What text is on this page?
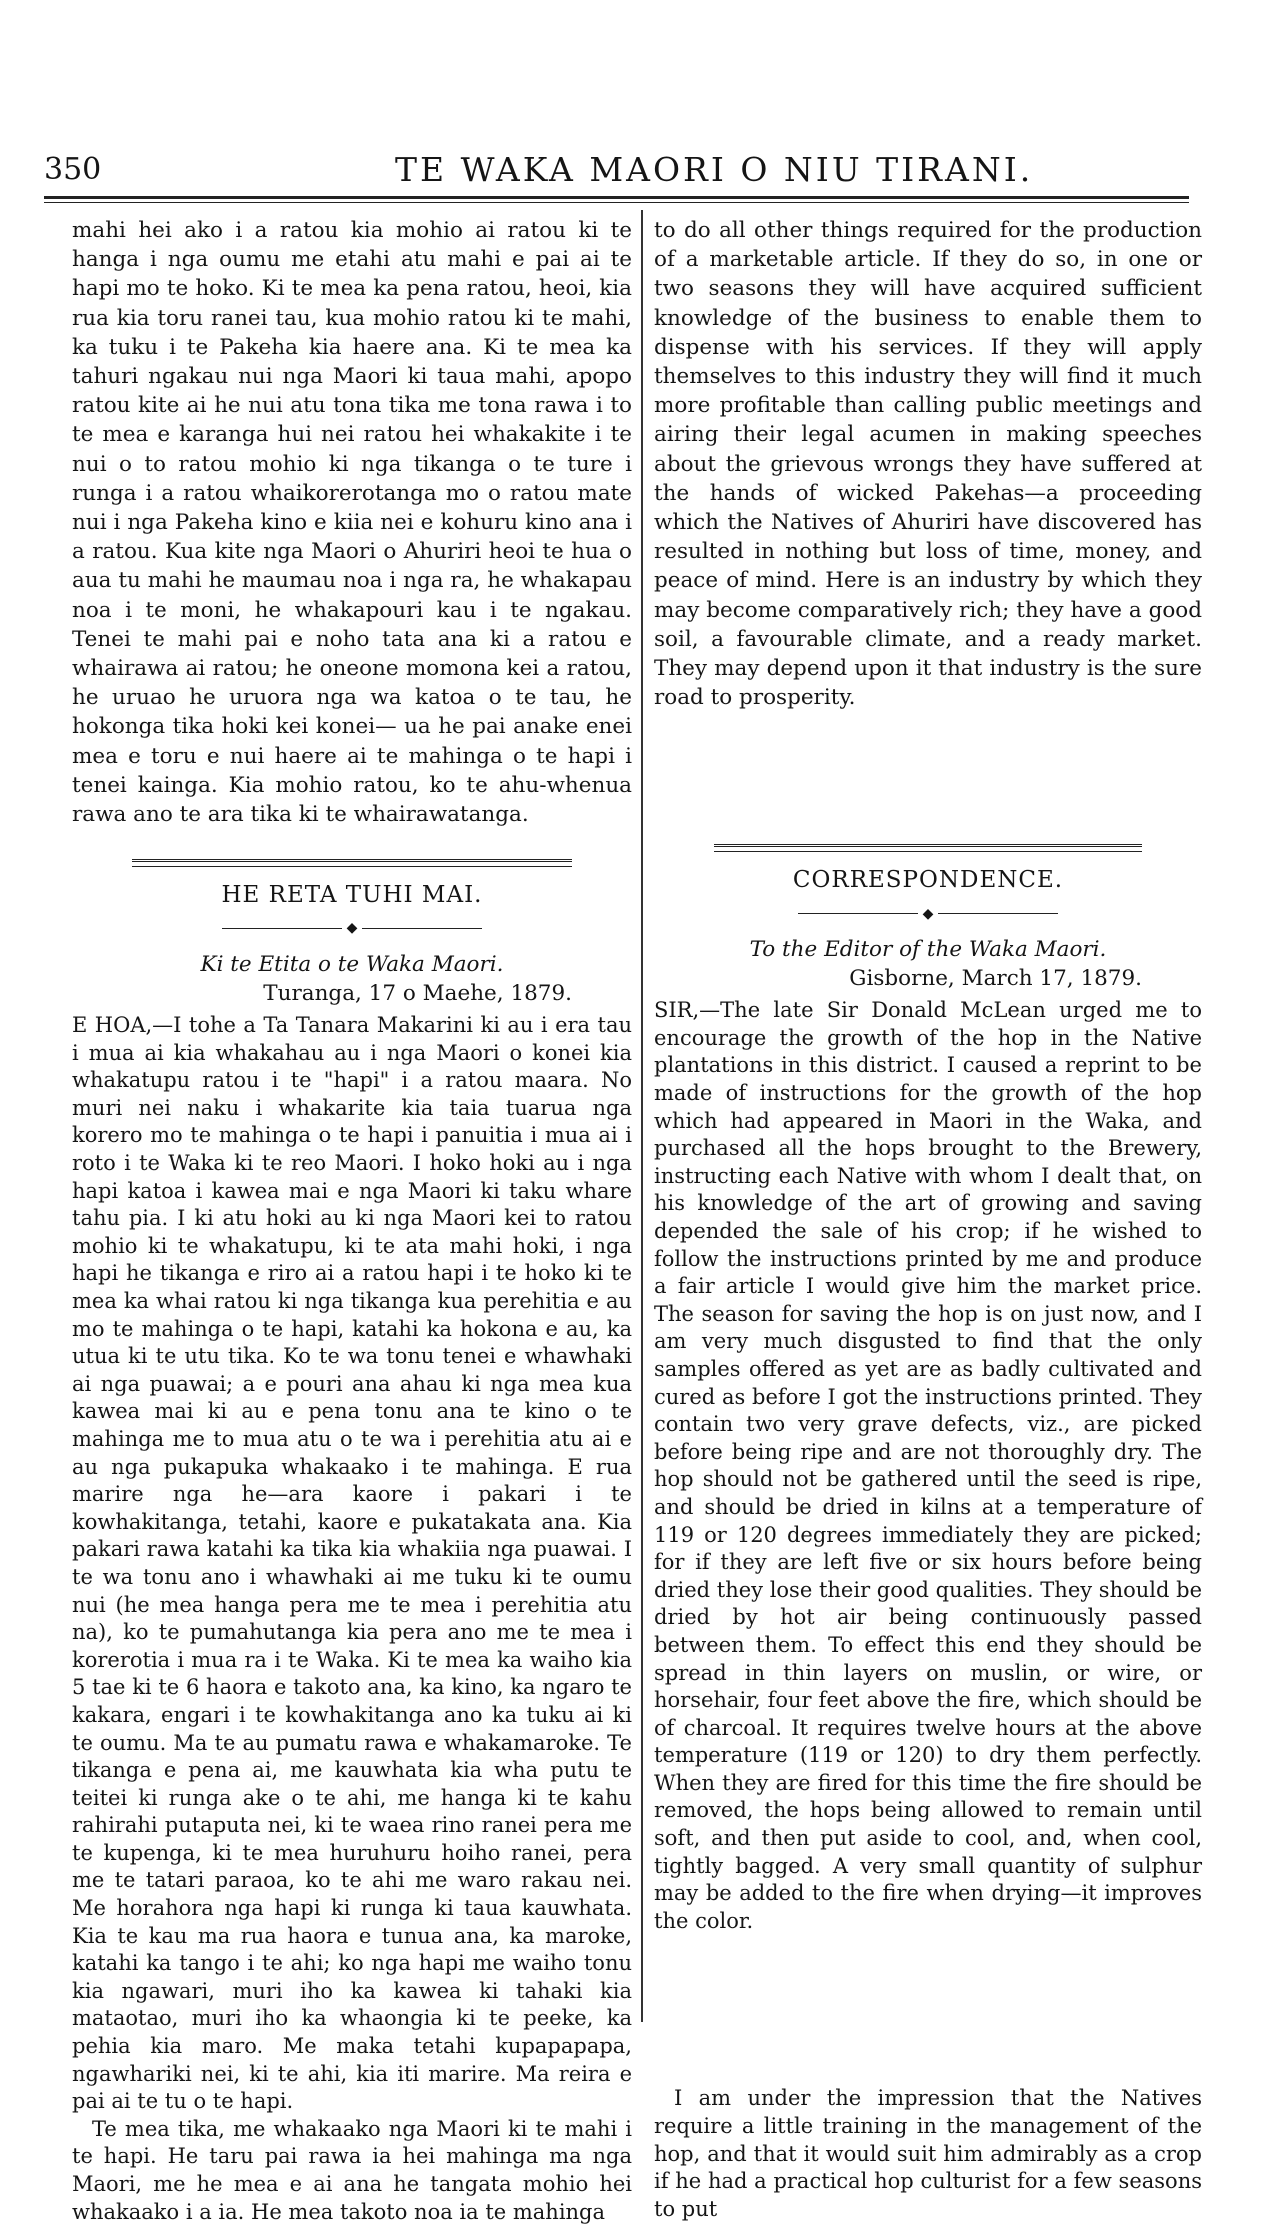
350	TE WAKA MAORI O NIU TIRANI.

mahi hei ako i a ratou kia mohio ai ratou ki te hanga i nga oumu me etahi atu mahi e pai ai te hapi mo te hoko. Ki te mea ka pena ratou, heoi, kia rua kia toru ranei tau, kua mohio ratou ki te mahi, ka tuku i te Pakeha kia haere ana. Ki te mea ka tahuri ngakau nui nga Maori ki taua mahi, apopo ratou kite ai he nui atu tona tika me tona rawa i to te mea e karanga hui nei ratou hei whakakite i te nui o to ratou mohio ki nga tikanga o te ture i runga i a ratou whaikorerotanga mo o ratou mate nui i nga Pakeha kino e kiia nei e kohuru kino ana i a ratou. Kua kite nga Maori o Ahuriri heoi te hua o aua tu mahi he maumau noa i nga ra, he whakapau noa i te moni, he whakapouri kau i te ngakau. Tenei te mahi pai e noho tata ana ki a ratou e whairawa ai ratou; he oneone momona kei a ratou, he uruao he uruora nga wa katoa o te tau, he hokonga tika hoki kei konei— ua he pai anake enei mea e toru e nui haere ai te mahinga o te hapi i tenei kainga. Kia mohio ratou, ko te ahu-whenua rawa ano te ara tika ki te whairawatanga.

HE RETA TUHI MAI.

◆

Ki te Etita o te Waka Maori.

Turanga, 17 o Maehe, 1879.

E HOA,—I tohe a Ta Tanara Makarini ki au i era tau i mua ai kia whakahau au i nga Maori o konei kia whakatupu ratou i te "hapi" i a ratou maara. No muri nei naku i whakarite kia taia tuarua nga korero mo te mahinga o te hapi i panuitia i mua ai i roto i te Waka ki te reo Maori. I hoko hoki au i nga hapi katoa i kawea mai e nga Maori ki taku whare tahu pia. I ki atu hoki au ki nga Maori kei to ratou mohio ki te whakatupu, ki te ata mahi hoki, i nga hapi he tikanga e riro ai a ratou hapi i te hoko ki te mea ka whai ratou ki nga tikanga kua perehitia e au mo te mahinga o te hapi, katahi ka hokona e au, ka utua ki te utu tika. Ko te wa tonu tenei e whawhaki ai nga puawai; a e pouri ana ahau ki nga mea kua kawea mai ki au e pena tonu ana te kino o te mahinga me to mua atu o te wa i perehitia atu ai e au nga pukapuka whakaako i te mahinga. E rua marire nga he—ara kaore i pakari i te kowhakitanga, tetahi, kaore e pukatakata ana. Kia pakari rawa katahi ka tika kia whakiia nga puawai. I te wa tonu ano i whawhaki ai me tuku ki te oumu nui (he mea hanga pera me te mea i perehitia atu na), ko te pumahutanga kia pera ano me te mea i korerotia i mua ra i te Waka. Ki te mea ka waiho kia 5 tae ki te 6 haora e takoto ana, ka kino, ka ngaro te kakara, engari i te kowhakitanga ano ka tuku ai ki te oumu. Ma te au pumatu rawa e whakamaroke. Te tikanga e pena ai, me kauwhata kia wha putu te teitei ki runga ake o te ahi, me hanga ki te kahu rahirahi putaputa nei, ki te waea rino ranei pera me te kupenga, ki te mea huruhuru hoiho ranei, pera me te tatari paraoa, ko te ahi me waro rakau nei. Me horahora nga hapi ki runga ki taua kauwhata. Kia te kau ma rua haora e tunua ana, ka maroke, katahi ka tango i te ahi; ko nga hapi me waiho tonu kia ngawari, muri iho ka kawea ki tahaki kia mataotao, muri iho ka whaongia ki te peeke, ka pehia kia maro. Me maka tetahi kupapapapa, ngawhariki nei, ki te ahi, kia iti marire. Ma reira e pai ai te tu o te hapi.

Te mea tika, me whakaako nga Maori ki te mahi i te hapi. He taru pai rawa ia hei mahinga ma nga Maori, me he mea e ai ana he tangata mohio hei whakaako i a ia. He mea takoto noa ia te mahinga

to do all other things required for the production of a marketable article. If they do so, in one or two seasons they will have acquired sufficient knowledge of the business to enable them to dispense with his services. If they will apply themselves to this industry they will find it much more profitable than calling public meetings and airing their legal acumen in making speeches about the grievous wrongs they have suffered at the hands of wicked Pakehas—a proceeding which the Natives of Ahuriri have discovered has resulted in nothing but loss of time, money, and peace of mind. Here is an industry by which they may become comparatively rich; they have a good soil, a favourable climate, and a ready market. They may depend upon it that industry is the sure road to prosperity.

CORRESPONDENCE.

◆

To the Editor of the Waka Maori.

Gisborne, March 17, 1879.

SIR,—The late Sir Donald McLean urged me to encourage the growth of the hop in the Native plantations in this district. I caused a reprint to be made of instructions for the growth of the hop which had appeared in Maori in the Waka, and purchased all the hops brought to the Brewery, instructing each Native with whom I dealt that, on his knowledge of the art of growing and saving depended the sale of his crop; if he wished to follow the instructions printed by me and produce a fair article I would give him the market price. The season for saving the hop is on just now, and I am very much disgusted to find that the only samples offered as yet are as badly cultivated and cured as before I got the instructions printed. They contain two very grave defects, viz., are picked before being ripe and are not thoroughly dry. The hop should not be gathered until the seed is ripe, and should be dried in kilns at a temperature of 119 or 120 degrees immediately they are picked; for if they are left five or six hours before being dried they lose their good qualities. They should be dried by hot air being continuously passed between them. To effect this end they should be spread in thin layers on muslin, or wire, or horsehair, four feet above the fire, which should be of charcoal. It requires twelve hours at the above temperature (119 or 120) to dry them perfectly. When they are fired for this time the fire should be removed, the hops being allowed to remain until soft, and then put aside to cool, and, when cool, tightly bagged. A very small quantity of sulphur may be added to the fire when drying—it improves the color.

I am under the impression that the Natives require a little training in the management of the hop, and that it would suit him admirably as a crop if he had a practical hop culturist for a few seasons to put
